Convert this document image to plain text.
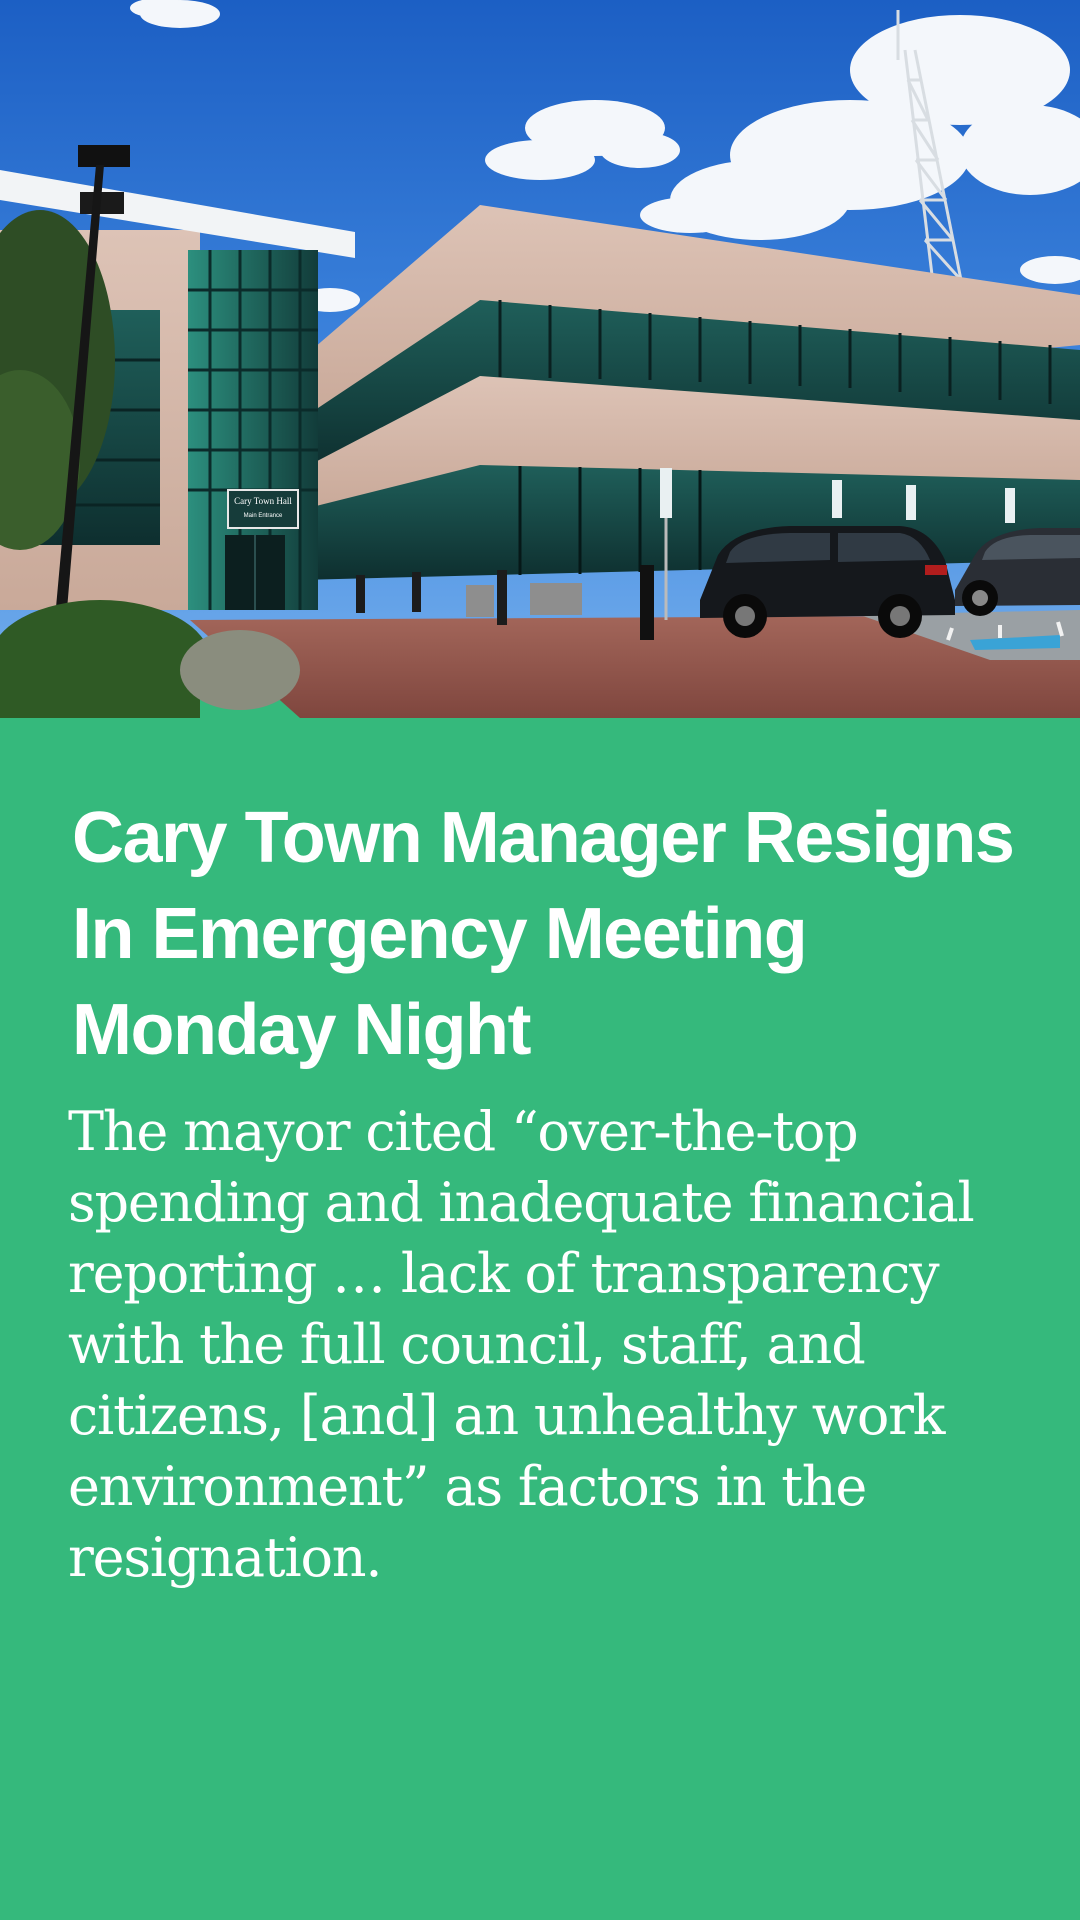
Cary Town Hall
Main Entrance
Cary Town Manager Resigns In Emergency Meeting Monday Night

The mayor cited “over-the-top spending and inadequate financial reporting … lack of transparency with the full council, staff, and citizens, [and] an unhealthy work environment” as factors in the resignation.
